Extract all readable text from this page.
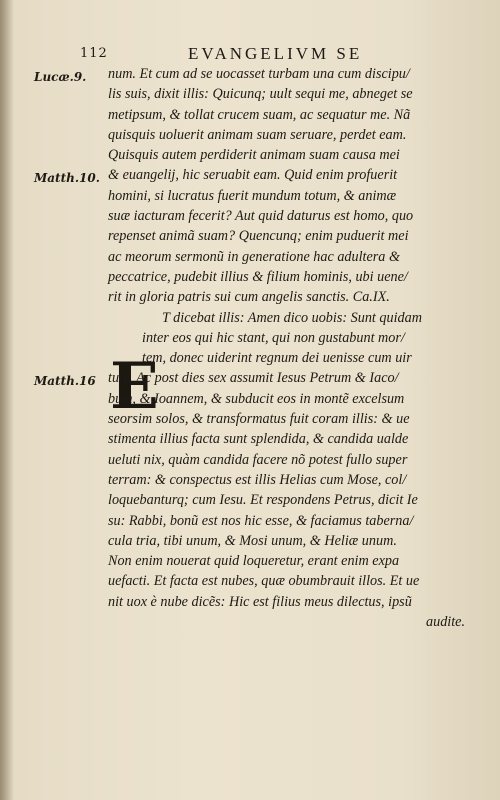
112	EVANGELIVM SE
Lucæ.9.
Matth.10.
Matth.16 E
num. Et cum ad se uocasset turbam una cum discipu/
lis suis, dixit illis: Quicunq; uult sequi me, abneget se
metipsum, & tollat crucem suam, ac sequatur me. Nã
quisquis uoluerit animam suam seruare, perdet eam.
Quisquis autem perdiderit animam suam causa mei
& euangelij, hic seruabit eam. Quid enim profuerit
homini, si lucratus fuerit mundum totum, & animæ
suæ iacturam fecerit? Aut quid daturus est homo, quo
repenset animã suam? Quencunq; enim puduerit mei
ac meorum sermonũ in generatione hac adultera &
peccatrice, pudebit illius & filium hominis, ubi uene/
rit in gloria patris sui cum angelis sanctis. Ca.IX.
T dicebat illis: Amen dico uobis: Sunt quidam
inter eos qui hic stant, qui non gustabunt mor/
tem, donec uiderint regnum dei uenisse cum uir
tute. Ac post dies sex assumit Iesus Petrum & Iaco/
bum, & Ioannem, & subducit eos in montẽ excelsum
seorsim solos, & transformatus fuit coram illis: & ue
stimenta illius facta sunt splendida, & candida ualde
ueluti nix, quàm candida facere nõ potest fullo super
terram: & conspectus est illis Helias cum Mose, col/
loquebanturq; cum Iesu. Et respondens Petrus, dicit Ie
su: Rabbi, bonũ est nos hic esse, & faciamus taberna/
cula tria, tibi unum, & Mosi unum, & Heliæ unum.
Non enim nouerat quid loqueretur, erant enim expa
uefacti. Et facta est nubes, quæ obumbrauit illos. Et ue
nit uox è nube dicẽs: Hic est filius meus dilectus, ipsũ
audite.
